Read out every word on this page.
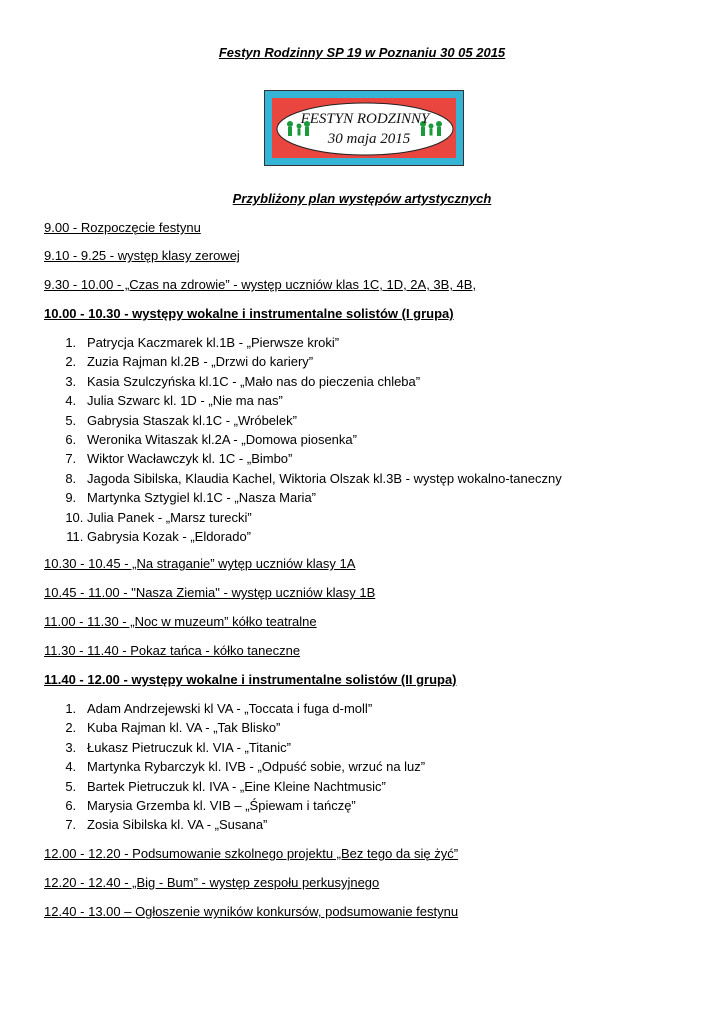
Festyn Rodzinny SP 19 w Poznaniu 30 05 2015
FESTYN RODZINNY
30 maja 2015
Przybliżony plan występów artystycznych
9.00 - Rozpoczęcie festynu
9.10 - 9.25 - występ klasy zerowej
9.30 - 10.00 - „Czas na zdrowie” - występ uczniów klas 1C, 1D, 2A, 3B, 4B,
10.00 - 10.30 - występy wokalne i instrumentalne solistów (I grupa)
1.   Patrycja Kaczmarek kl.1B - „Pierwsze kroki”
2.   Zuzia Rajman kl.2B - „Drzwi do kariery”
3.   Kasia Szulczyńska kl.1C - „Mało nas do pieczenia chleba”
4.   Julia Szwarc kl. 1D - „Nie ma nas”
5.   Gabrysia Staszak kl.1C - „Wróbelek”
6.   Weronika Witaszak kl.2A - „Domowa piosenka”
7.   Wiktor Wacławczyk kl. 1C - „Bimbo”
8.   Jagoda Sibilska, Klaudia Kachel, Wiktoria Olszak kl.3B - występ wokalno-taneczny
9.   Martynka Sztygiel kl.1C - „Nasza Maria”
10. Julia Panek - „Marsz turecki”
11. Gabrysia Kozak - „Eldorado”
10.30 - 10.45 - „Na straganie” wytęp uczniów klasy 1A
10.45 - 11.00 - "Nasza Ziemia" - występ uczniów klasy 1B
11.00 - 11.30 - „Noc w muzeum” kółko teatralne
11.30 - 11.40 - Pokaz tańca - kółko taneczne
11.40 - 12.00 - występy wokalne i instrumentalne solistów (II grupa)
1.   Adam Andrzejewski kl VA - „Toccata i fuga d-moll”
2.   Kuba Rajman kl. VA - „Tak Blisko”
3.   Łukasz Pietruczuk kl. VIA - „Titanic”
4.   Martynka Rybarczyk kl. IVB - „Odpuść sobie, wrzuć na luz”
5.   Bartek Pietruczuk kl. IVA - „Eine Kleine Nachtmusic”
6.   Marysia Grzemba kl. VIB – „Śpiewam i tańczę”
7.   Zosia Sibilska kl. VA - „Susana”
12.00 - 12.20 - Podsumowanie szkolnego projektu „Bez tego da się żyć”
12.20 - 12.40 - „Big - Bum” - występ zespołu perkusyjnego
12.40 - 13.00 – Ogłoszenie wyników konkursów, podsumowanie festynu
